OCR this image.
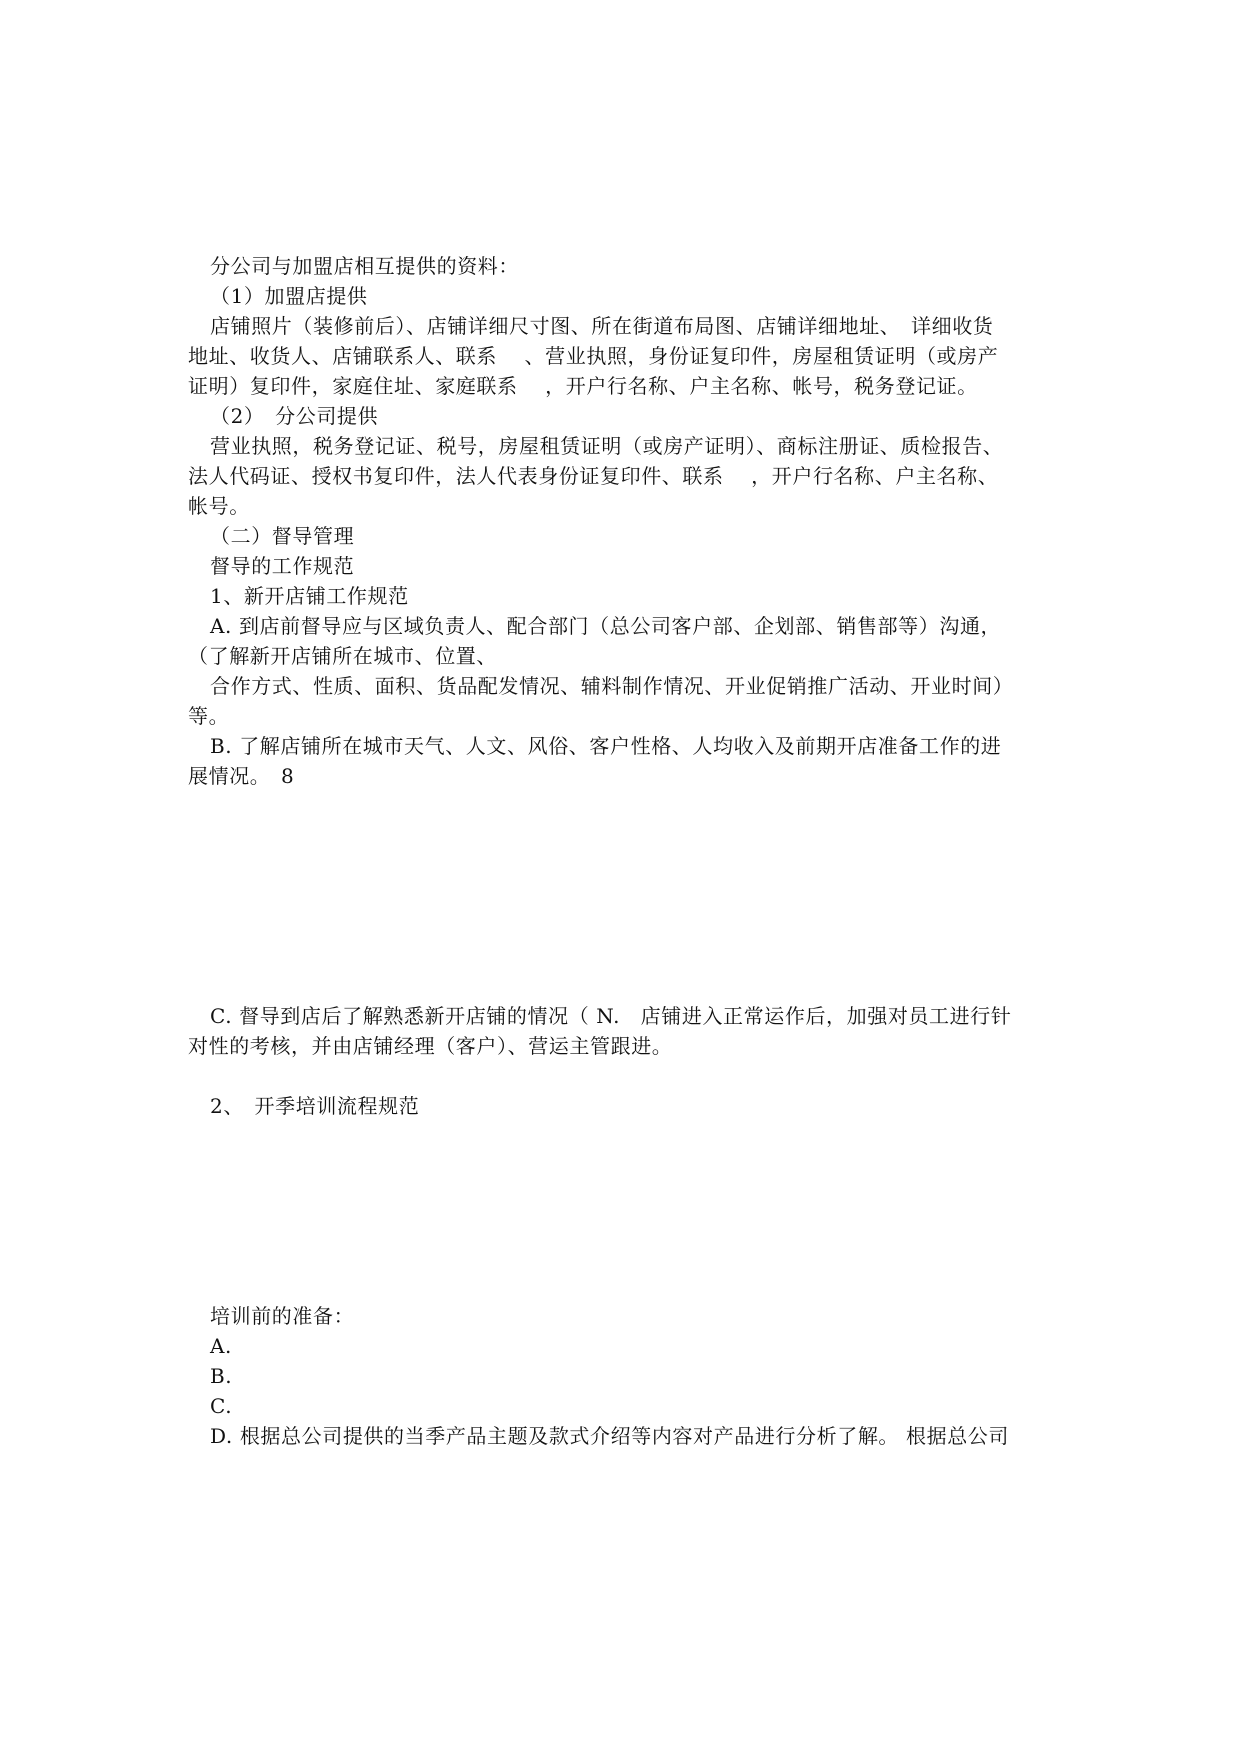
分公司与加盟店相互提供的资料：
（1）加盟店提供
店铺照片（装修前后）、店铺详细尺寸图、所在街道布局图、店铺详细地址、　详细收货
地址、收货人、店铺联系人、联系　 、营业执照，身份证复印件，房屋租赁证明（或房产
证明）复印件，家庭住址、家庭联系　 ，开户行名称、户主名称、帐号，税务登记证。
（2）　分公司提供
营业执照，税务登记证、税号，房屋租赁证明（或房产证明）、商标注册证、质检报告、
法人代码证、授权书复印件，法人代表身份证复印件、联系　 ，开户行名称、户主名称、
帐号。
（二）督导管理
督导的工作规范
1、新开店铺工作规范
A. 到店前督导应与区域负责人、配合部门（总公司客户部、企划部、销售部等）沟通，
（了解新开店铺所在城市、位置、
合作方式、性质、面积、货品配发情况、辅料制作情况、开业促销推广活动、开业时间）
等。
B. 了解店铺所在城市天气、人文、风俗、客户性格、人均收入及前期开店准备工作的进
展情况。　8
C. 督导到店后了解熟悉新开店铺的情况（ N.　店铺进入正常运作后，加强对员工进行针
对性的考核，并由店铺经理（客户）、营运主管跟进。
2、　开季培训流程规范
培训前的准备：
A.
B.
C.
D. 根据总公司提供的当季产品主题及款式介绍等内容对产品进行分析了解。 根据总公司
